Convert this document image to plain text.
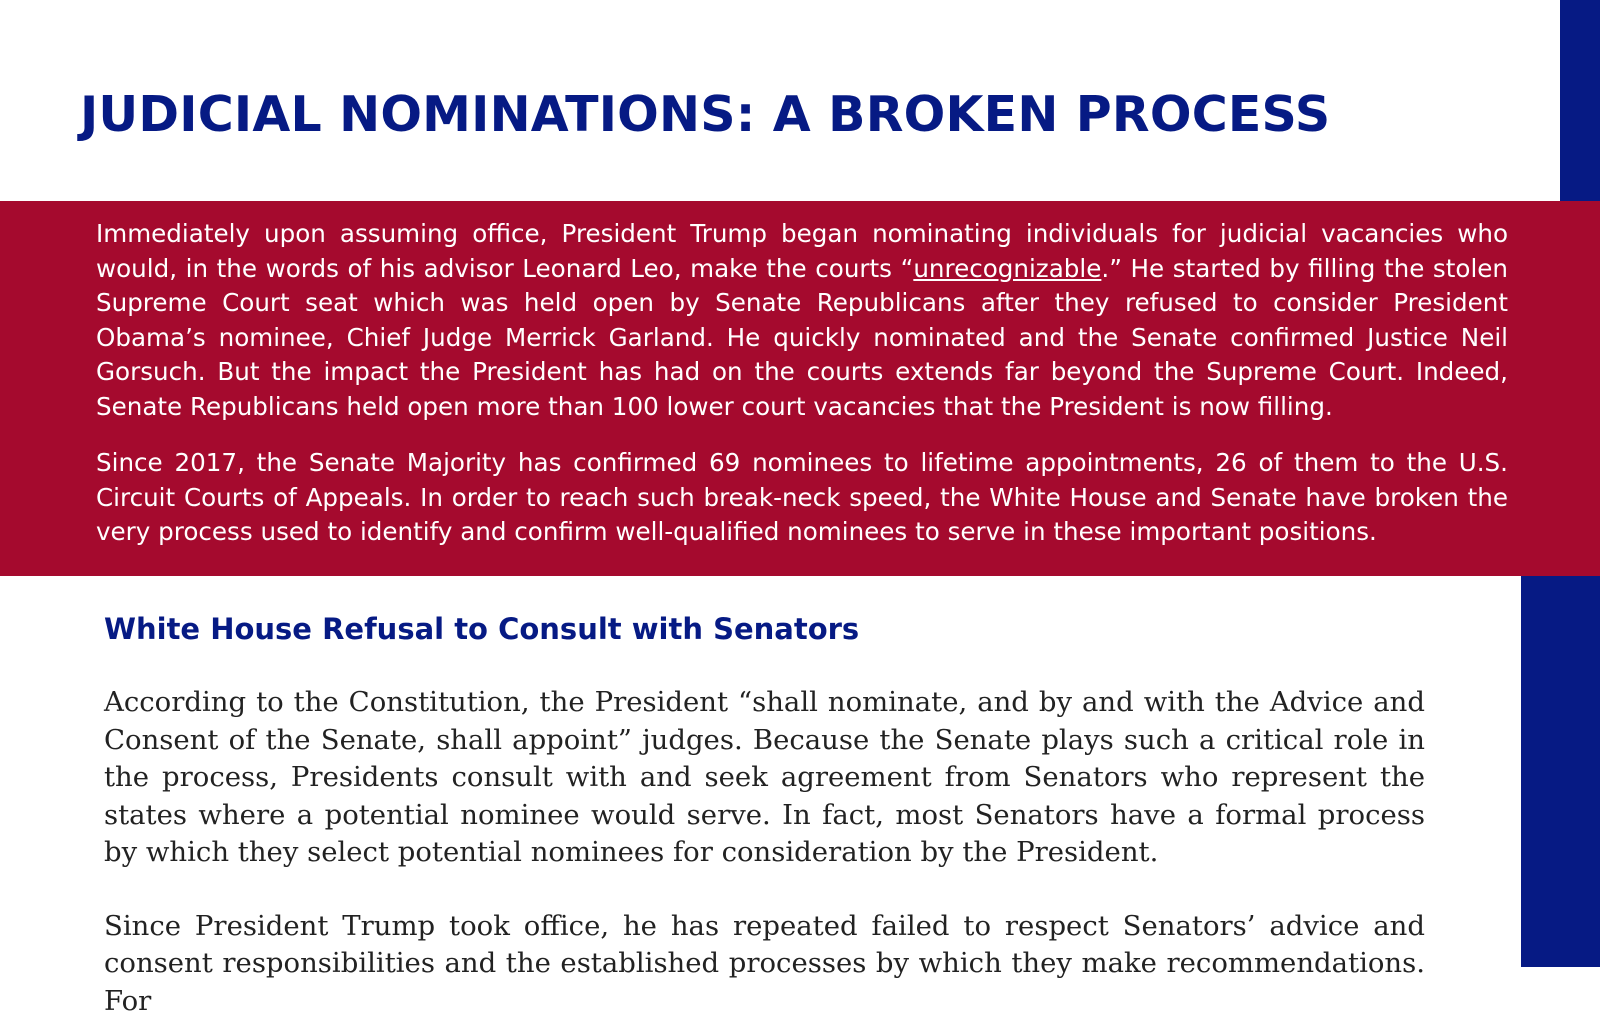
JUDICIAL NOMINATIONS: A BROKEN PROCESS

Immediately upon assuming office, President Trump began nominating individuals for judicial vacancies who would, in the words of his advisor Leonard Leo, make the courts “unrecognizable.” He started by filling the stolen Supreme Court seat which was held open by Senate Republicans after they refused to consider President Obama’s nominee, Chief Judge Merrick Garland. He quickly nominated and the Senate confirmed Justice Neil Gorsuch. But the impact the President has had on the courts extends far beyond the Supreme Court. Indeed, Senate Republicans held open more than 100 lower court vacancies that the President is now filling.

Since 2017, the Senate Majority has confirmed 69 nominees to lifetime appointments, 26 of them to the U.S. Circuit Courts of Appeals. In order to reach such break-neck speed, the White House and Senate have broken the very process used to identify and confirm well-qualified nominees to serve in these important positions.

White House Refusal to Consult with Senators

According to the Constitution, the President “shall nominate, and by and with the Advice and Consent of the Senate, shall appoint” judges. Because the Senate plays such a critical role in the process, Presidents consult with and seek agreement from Senators who represent the states where a potential nominee would serve. In fact, most Senators have a formal process by which they select potential nominees for consideration by the President.

Since President Trump took office, he has repeated failed to respect Senators’ advice and consent responsibilities and the established processes by which they make recommendations. For
